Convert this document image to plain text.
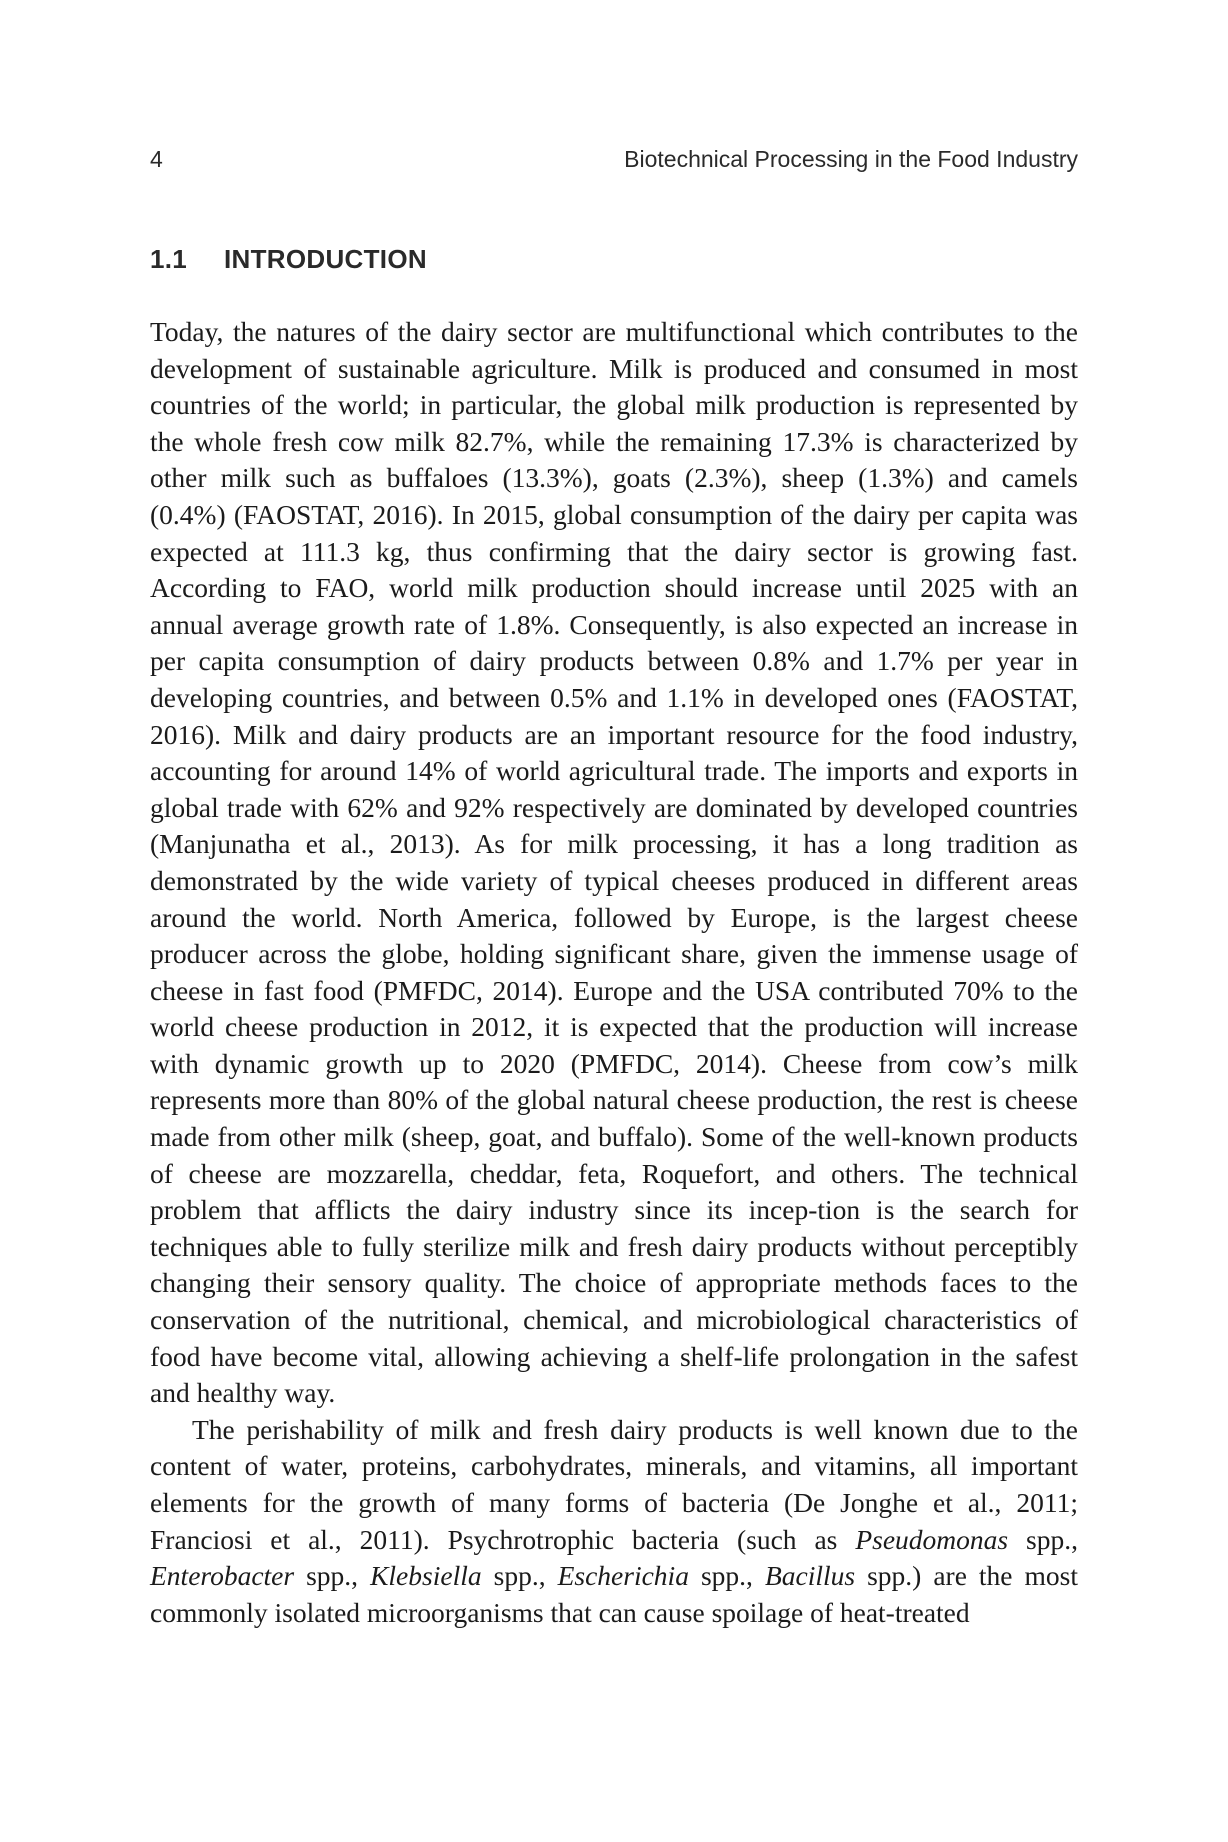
4	Biotechnical Processing in the Food Industry
1.1 INTRODUCTION

Today, the natures of the dairy sector are multifunctional which contributes to the development of sustainable agriculture. Milk is produced and consumed in most countries of the world; in particular, the global milk production is represented by the whole fresh cow milk 82.7%, while the remaining 17.3% is characterized by other milk such as buffaloes (13.3%), goats (2.3%), sheep (1.3%) and camels (0.4%) (FAOSTAT, 2016). In 2015, global consumption of the dairy per capita was expected at 111.3 kg, thus confirming that the dairy sector is growing fast. According to FAO, world milk production should increase until 2025 with an annual average growth rate of 1.8%. Consequently, is also expected an increase in per capita consumption of dairy products between 0.8% and 1.7% per year in developing countries, and between 0.5% and 1.1% in developed ones (FAOSTAT, 2016). Milk and dairy products are an important resource for the food industry, accounting for around 14% of world agricultural trade. The imports and exports in global trade with 62% and 92% respectively are dominated by developed countries (Manjunatha et al., 2013). As for milk processing, it has a long tradition as demonstrated by the wide variety of typical cheeses produced in different areas around the world. North America, followed by Europe, is the largest cheese producer across the globe, holding significant share, given the immense usage of cheese in fast food (PMFDC, 2014). Europe and the USA contributed 70% to the world cheese production in 2012, it is expected that the production will increase with dynamic growth up to 2020 (PMFDC, 2014). Cheese from cow’s milk represents more than 80% of the global natural cheese production, the rest is cheese made from other milk (sheep, goat, and buffalo). Some of the well-known products of cheese are mozzarella, cheddar, feta, Roquefort, and others. The technical problem that afflicts the dairy industry since its incep-tion is the search for techniques able to fully sterilize milk and fresh dairy products without perceptibly changing their sensory quality. The choice of appropriate methods faces to the conservation of the nutritional, chemical, and microbiological characteristics of food have become vital, allowing achieving a shelf-life prolongation in the safest and healthy way.

The perishability of milk and fresh dairy products is well known due to the content of water, proteins, carbohydrates, minerals, and vitamins, all important elements for the growth of many forms of bacteria (De Jonghe et al., 2011; Franciosi et al., 2011). Psychrotrophic bacteria (such as Pseudomonas spp., Enterobacter spp., Klebsiella spp., Escherichia spp., Bacillus spp.) are the most commonly isolated microorganisms that can cause spoilage of heat-treated
